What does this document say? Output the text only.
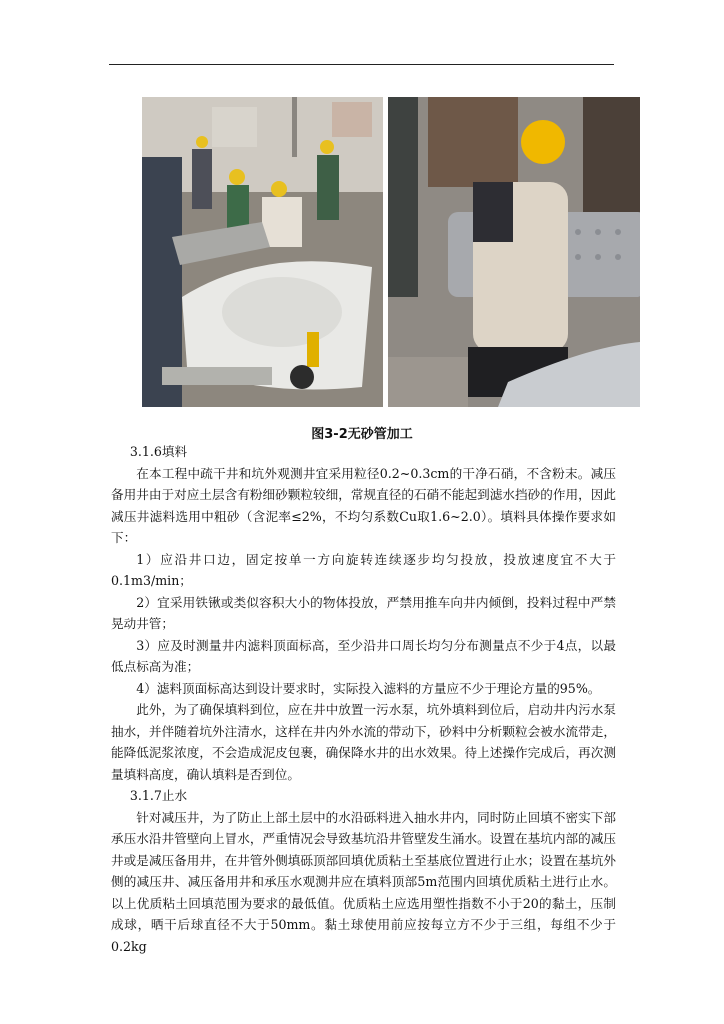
图3-2无砂管加工

3.1.6填料

在本工程中疏干井和坑外观测井宜采用粒径0.2~0.3cm的干净石硝，不含粉末。减压备用井由于对应土层含有粉细砂颗粒较细，常规直径的石硝不能起到滤水挡砂的作用，因此减压井滤料选用中粗砂（含泥率≤2%，不均匀系数Cu取1.6~2.0）。填料具体操作要求如下：

1）应沿井口边，固定按单一方向旋转连续逐步均匀投放，投放速度宜不大于0.1m3/min；

2）宜采用铁锹或类似容积大小的物体投放，严禁用推车向井内倾倒，投料过程中严禁晃动井管；

3）应及时测量井内滤料顶面标高，至少沿井口周长均匀分布测量点不少于4点，以最低点标高为准；

4）滤料顶面标高达到设计要求时，实际投入滤料的方量应不少于理论方量的95%。

此外，为了确保填料到位，应在井中放置一污水泵，坑外填料到位后，启动井内污水泵抽水，并伴随着坑外注清水，这样在井内外水流的带动下，砂料中分析颗粒会被水流带走，能降低泥浆浓度，不会造成泥皮包裹，确保降水井的出水效果。待上述操作完成后，再次测量填料高度，确认填料是否到位。

3.1.7止水

针对减压井，为了防止上部土层中的水沿砾料进入抽水井内，同时防止回填不密实下部承压水沿井管壁向上冒水，严重情况会导致基坑沿井管壁发生涌水。设置在基坑内部的减压井或是减压备用井，在井管外侧填砾顶部回填优质粘土至基底位置进行止水；设置在基坑外侧的减压井、减压备用井和承压水观测井应在填料顶部5m范围内回填优质粘土进行止水。以上优质粘土回填范围为要求的最低值。优质粘土应选用塑性指数不小于20的黏土，压制成球，晒干后球直径不大于50mm。黏土球使用前应按每立方不少于三组，每组不少于0.2kg
